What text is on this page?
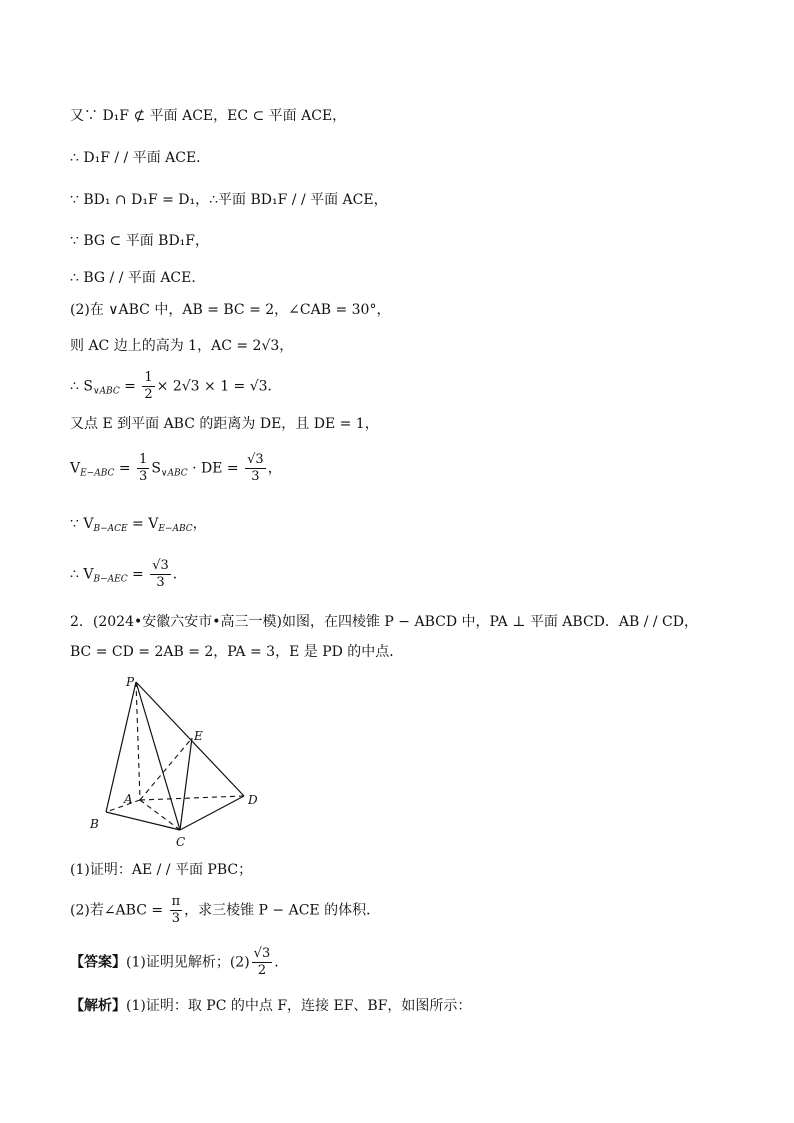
又∵ D₁F ⊄ 平面 ACE，EC ⊂ 平面 ACE，
∴ D₁F / / 平面 ACE．
∵ BD₁ ∩ D₁F = D₁，∴平面 BD₁F / / 平面 ACE，
∵ BG ⊂ 平面 BD₁F，
∴ BG / / 平面 ACE．
(2)在 ∨ABC 中，AB = BC = 2，∠CAB = 30°，
则 AC 边上的高为 1，AC = 2√3，
∴ $S_{\vee ABC} = \frac{1}{2} \times 2√3 \times 1 = √3$．
又点 E 到平面 ABC 的距离为 DE，且 DE = 1，
$V_{E-ABC} = \frac{1}{3} S_{\vee ABC}$ · DE = $\frac{√3}{3}$ ，
∵ $V_{B-ACE} = V_{E-ABC}$，
∴ $V_{B-AEC} = \frac{√3}{3}$ ．
2．(2024•安徽六安市•高三一模)如图，在四棱锥 P − ABCD 中，PA ⊥ 平面 ABCD．AB / / CD，
BC = CD = 2AB = 2，PA = 3，E 是 PD 的中点．
P
E
A	D
B
C
(1)证明：AE / / 平面 PBC；
(2)若∠ABC = $\frac{\pi}{3}$ ，求三棱锥 P − ACE 的体积．
【答案】(1)证明见解析；$(2) \frac{√3}{2}$ ．
【解析】(1)证明：取 PC 的中点 F，连接 EF、BF，如图所示：
